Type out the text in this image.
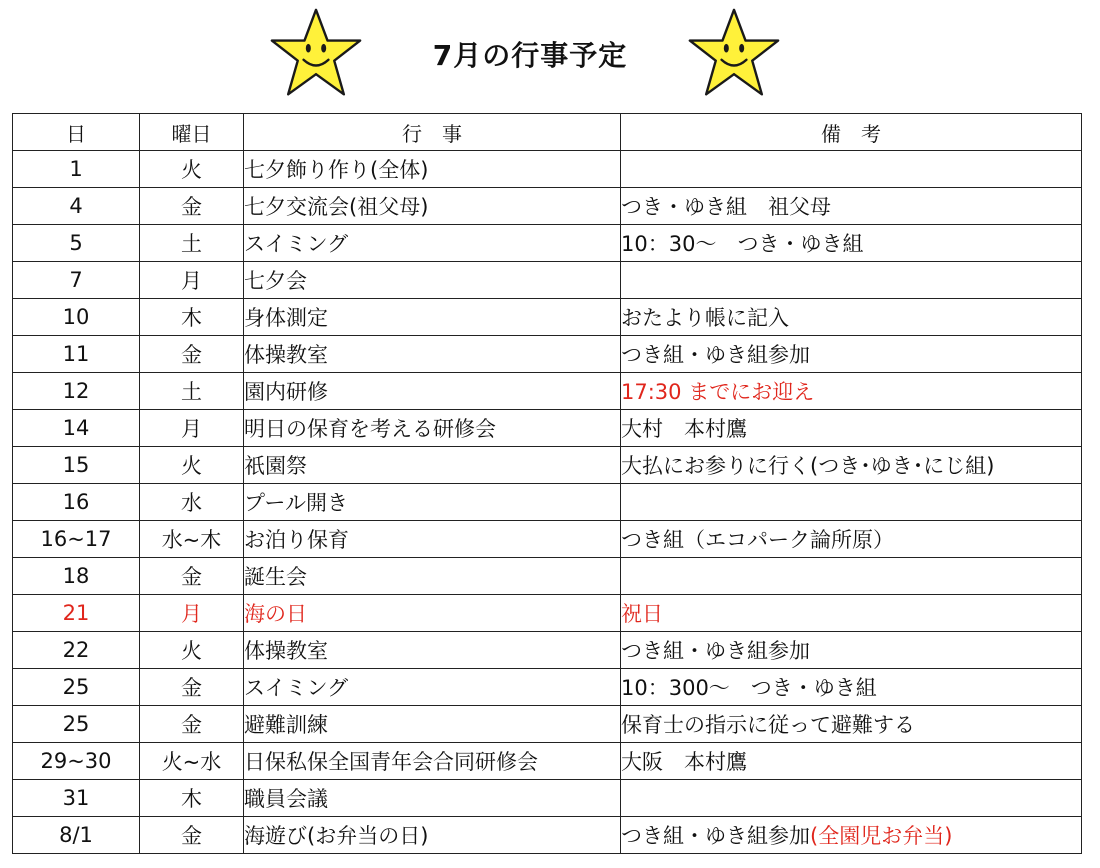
7月の行事予定
日	曜日	行　事	備　考
1	火	七夕飾り作り(全体)	
4	金	七夕交流会(祖父母)	つき・ゆき組　祖父母
5	土	スイミング	10：30～　つき・ゆき組
7	月	七夕会	
10	木	身体測定	おたより帳に記入
11	金	体操教室	つき組・ゆき組参加
12	土	園内研修	17:30 までにお迎え
14	月	明日の保育を考える研修会	大村　本村鷹
15	火	祇園祭	大払にお参りに行く(つき･ゆき･にじ組)
16	水	プール開き	
16~17	水~木	お泊り保育	つき組（エコパーク論所原）
18	金	誕生会	
21	月	海の日	祝日
22	火	体操教室	つき組・ゆき組参加
25	金	スイミング	10：300～　つき・ゆき組
25	金	避難訓練	保育士の指示に従って避難する
29~30	火~水	日保私保全国青年会合同研修会	大阪　本村鷹
31	木	職員会議	
8/1	金	海遊び(お弁当の日)	つき組・ゆき組参加(全園児お弁当)
